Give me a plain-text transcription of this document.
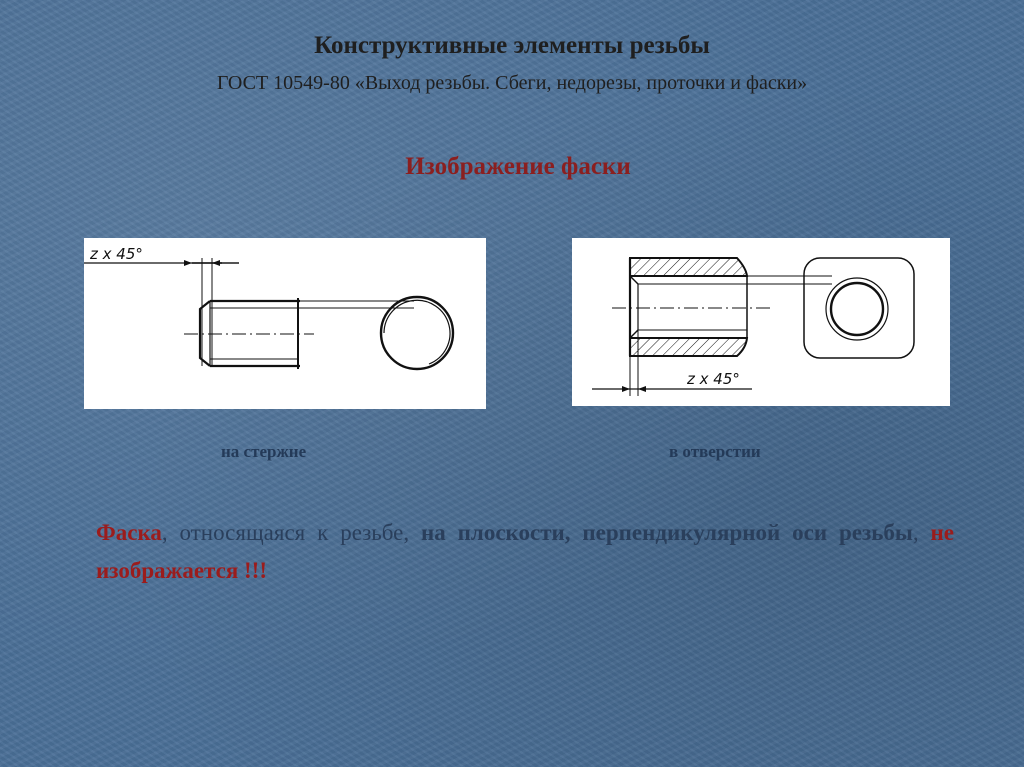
Конструктивные элементы резьбы
ГОСТ 10549-80 «Выход резьбы. Сбеги, недорезы, проточки и фаски»
Изображение фаски
z x 45°
z x 45°
на стержне	в отверстии
Фаска, относящаяся к резьбе, на плоскости, перпендикулярной оси резьбы, не изображается !!!
